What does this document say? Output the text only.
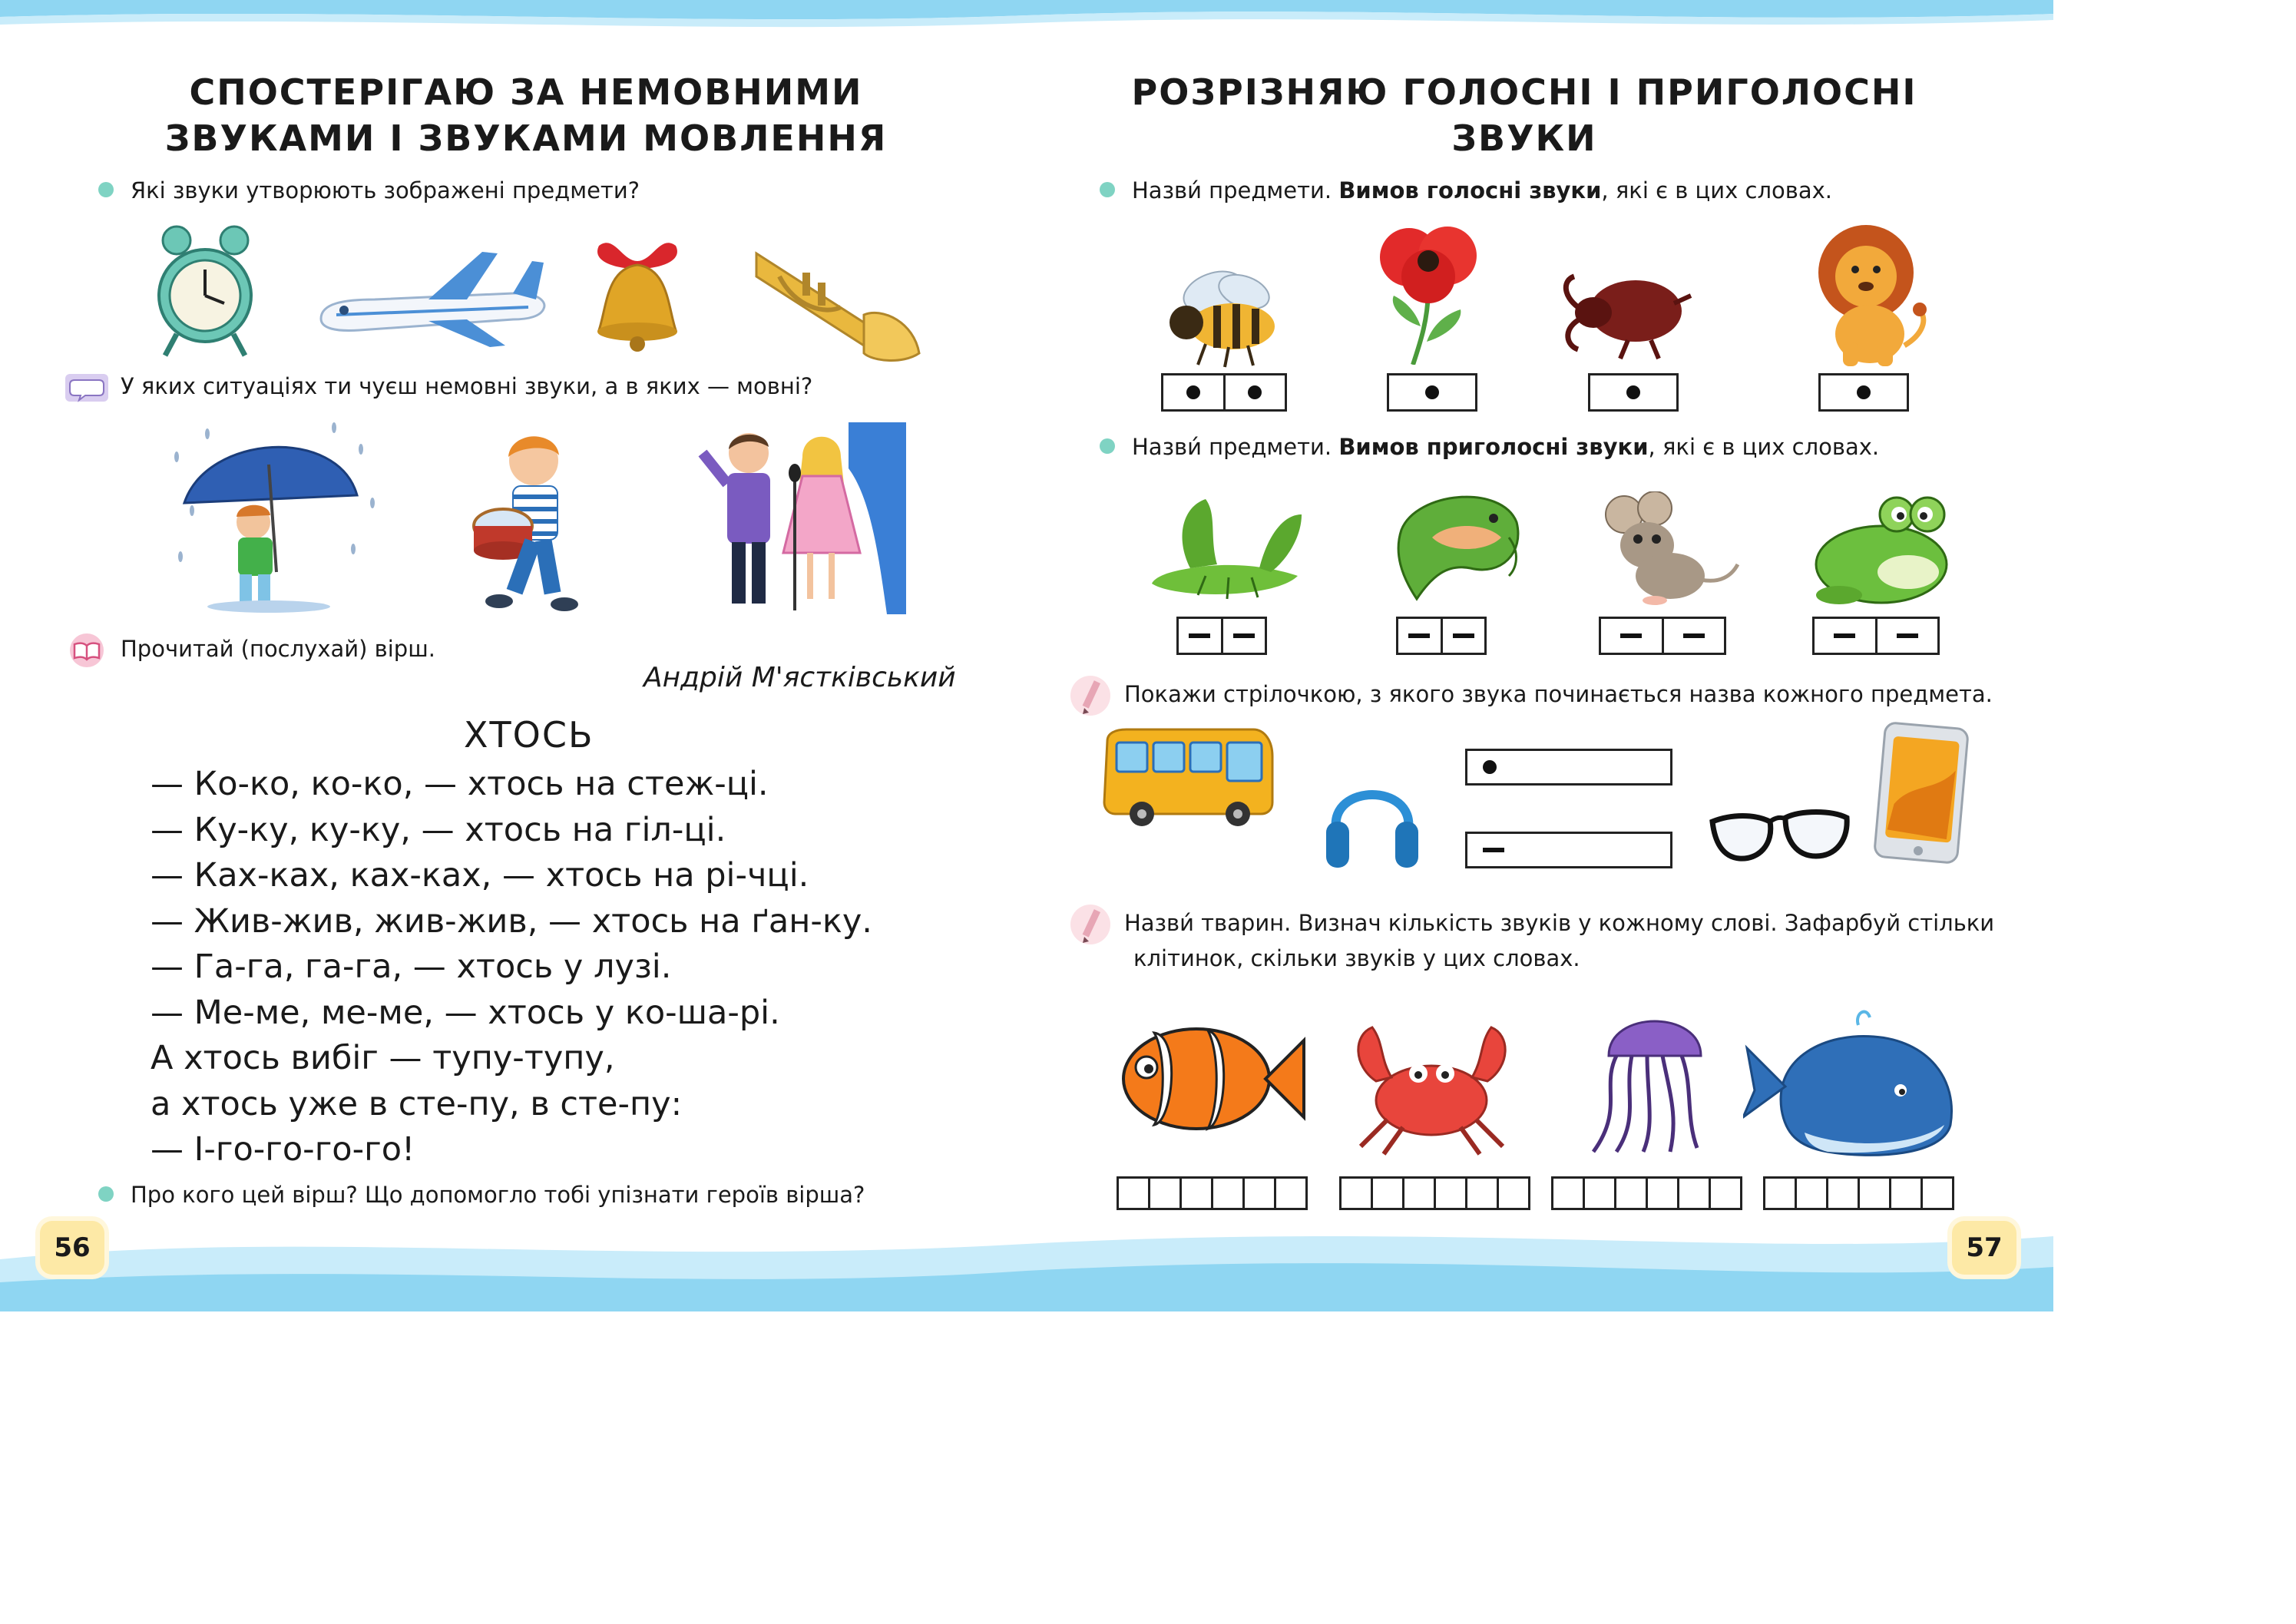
СПОСТЕРІГАЮ ЗА НЕМОВНИМИ
ЗВУКАМИ І ЗВУКАМИ МОВЛЕННЯ
Які звуки утворюють зображені предмети?
У яких ситуаціях ти чуєш немовні звуки, а в яких — мовні?
Прочитай (послухай) вірш.
Андрій М'ястківський
ХТОСЬ
— Ко-ко, ко-ко, — хтось на стеж-ці.
— Ку-ку, ку-ку, — хтось на гіл-ці.
— Ках-ках, ках-ках, — хтось на рі-чці.
— Жив-жив, жив-жив, — хтось на ґан-ку.
— Га-га, га-га, — хтось у лузі.
— Ме-ме, ме-ме, — хтось у ко-ша-рі.
А хтось вибіг — тупу-тупу,
а хтось уже в сте-пу, в сте-пу:
— І-го-го-го-го!
Про кого цей вірш? Що допомогло тобі упізнати героїв вірша?
56
РОЗРІЗНЯЮ ГОЛОСНІ І ПРИГОЛОСНІ
ЗВУКИ
Назви́ предмети. Вимов голосні звуки, які є в цих словах.
Назви́ предмети. Вимов приголосні звуки, які є в цих словах.
Покажи стрілочкою, з якого звука починається назва кожного предмета.
Назви́ тварин. Визнач кількість звуків у кожному слові. Зафарбуй стільки
клітинок, скільки звуків у цих словах.
57
